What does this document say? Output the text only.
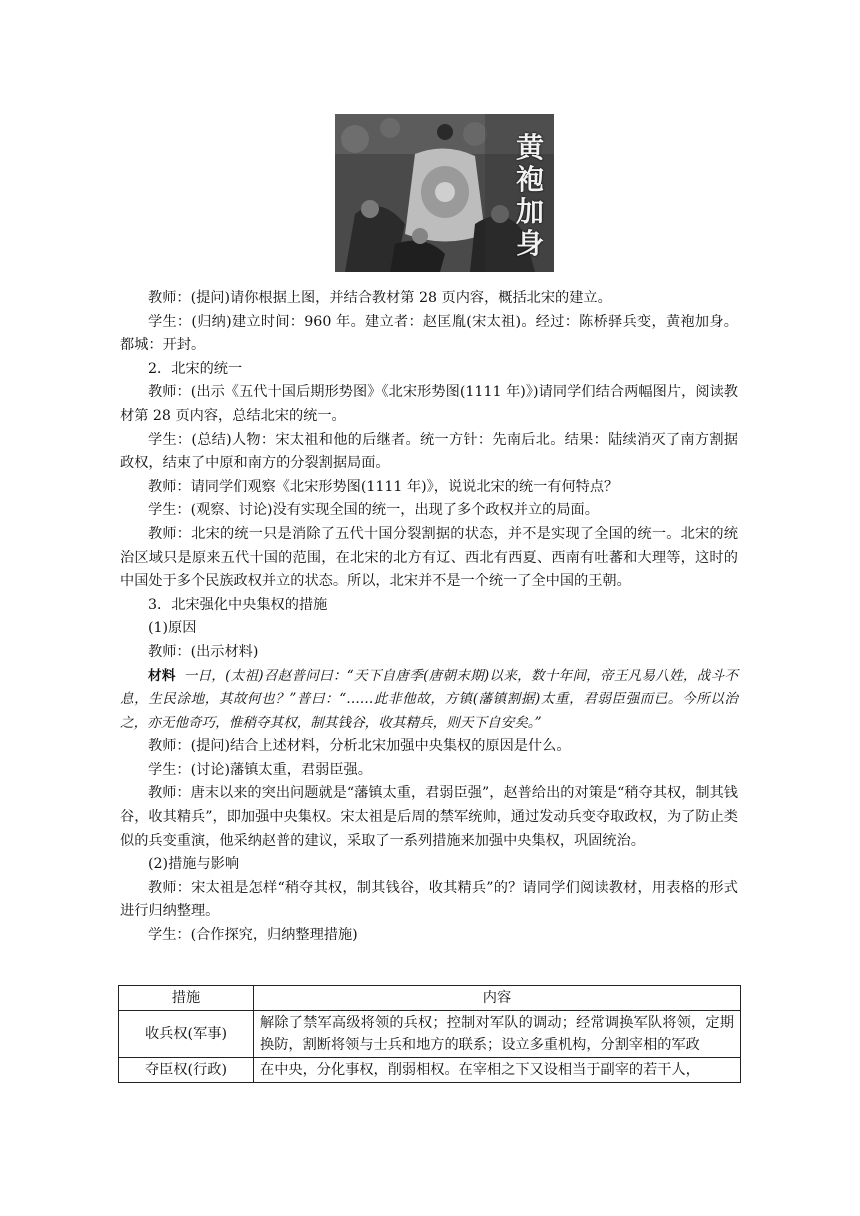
黄袍加身

教师：(提问)请你根据上图，并结合教材第 28 页内容，概括北宋的建立。

学生：(归纳)建立时间：960 年。建立者：赵匡胤(宋太祖)。经过：陈桥驿兵变，黄袍加身。都城：开封。

2．北宋的统一

教师：(出示《五代十国后期形势图》《北宋形势图(1111 年)》)请同学们结合两幅图片，阅读教材第 28 页内容，总结北宋的统一。

学生：(总结)人物：宋太祖和他的后继者。统一方针：先南后北。结果：陆续消灭了南方割据政权，结束了中原和南方的分裂割据局面。

教师：请同学们观察《北宋形势图(1111 年)》，说说北宋的统一有何特点？

学生：(观察、讨论)没有实现全国的统一，出现了多个政权并立的局面。

教师：北宋的统一只是消除了五代十国分裂割据的状态，并不是实现了全国的统一。北宋的统治区域只是原来五代十国的范围，在北宋的北方有辽、西北有西夏、西南有吐蕃和大理等，这时的中国处于多个民族政权并立的状态。所以，北宋并不是一个统一了全中国的王朝。

3．北宋强化中央集权的措施

(1)原因

教师：(出示材料)

材料 一日，(太祖)召赵普问曰：“天下自唐季(唐朝末期)以来，数十年间，帝王凡易八姓，战斗不息，生民涂地，其故何也？”普曰：“……此非他故，方镇(藩镇割据)太重，君弱臣强而已。今所以治之，亦无他奇巧，惟稍夺其权，制其钱谷，收其精兵，则天下自安矣。”

教师：(提问)结合上述材料，分析北宋加强中央集权的原因是什么。

学生：(讨论)藩镇太重，君弱臣强。

教师：唐末以来的突出问题就是“藩镇太重，君弱臣强”，赵普给出的对策是“稍夺其权，制其钱谷，收其精兵”，即加强中央集权。宋太祖是后周的禁军统帅，通过发动兵变夺取政权，为了防止类似的兵变重演，他采纳赵普的建议，采取了一系列措施来加强中央集权，巩固统治。

(2)措施与影响

教师：宋太祖是怎样“稍夺其权，制其钱谷，收其精兵”的？请同学们阅读教材，用表格的形式进行归纳整理。

学生：(合作探究，归纳整理措施)

措施	内容
收兵权(军事)	解除了禁军高级将领的兵权；控制对军队的调动；经常调换军队将领，定期换防，割断将领与士兵和地方的联系；设立多重机构，分割宰相的军政
夺臣权(行政)	在中央，分化事权，削弱相权。在宰相之下又设相当于副宰的若干人，
